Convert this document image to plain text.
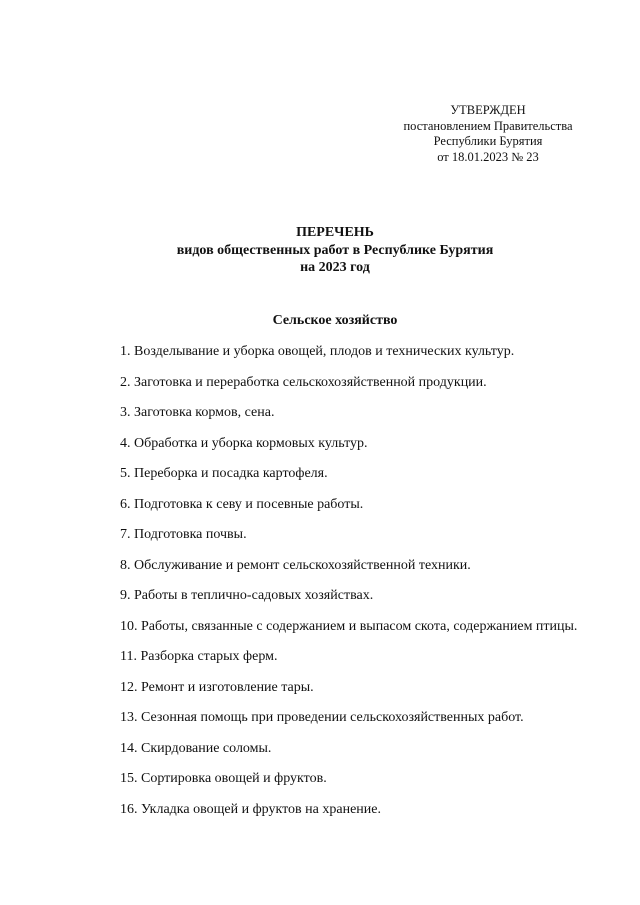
УТВЕРЖДЕН
постановлением Правительства
Республики Бурятия
от 18.01.2023 № 23
ПЕРЕЧЕНЬ
видов общественных работ в Республике Бурятия
на 2023 год
Сельское хозяйство
1. Возделывание и уборка овощей, плодов и технических культур.
2. Заготовка и переработка сельскохозяйственной продукции.
3. Заготовка кормов, сена.
4. Обработка и уборка кормовых культур.
5. Переборка и посадка картофеля.
6. Подготовка к севу и посевные работы.
7. Подготовка почвы.
8. Обслуживание и ремонт сельскохозяйственной техники.
9. Работы в теплично-садовых хозяйствах.
10. Работы, связанные с содержанием и выпасом скота, содержанием птицы.
11. Разборка старых ферм.
12. Ремонт и изготовление тары.
13. Сезонная помощь при проведении сельскохозяйственных работ.
14. Скирдование соломы.
15. Сортировка овощей и фруктов.
16. Укладка овощей и фруктов на хранение.
